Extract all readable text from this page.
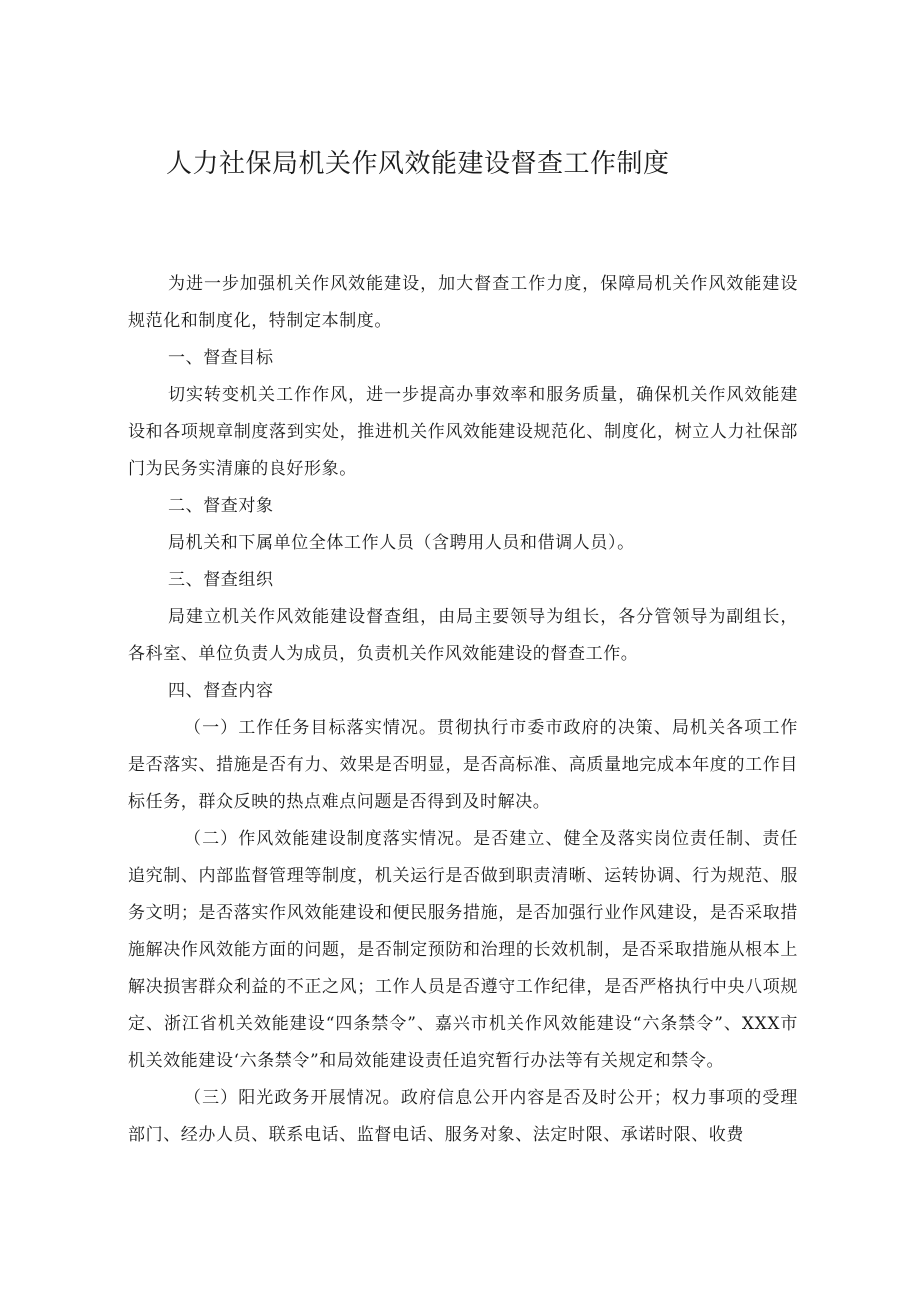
人力社保局机关作风效能建设督查工作制度

为进一步加强机关作风效能建设，加大督查工作力度，保障局机关作风效能建设规范化和制度化，特制定本制度。

一、督查目标

切实转变机关工作作风，进一步提高办事效率和服务质量，确保机关作风效能建设和各项规章制度落到实处，推进机关作风效能建设规范化、制度化，树立人力社保部门为民务实清廉的良好形象。

二、督查对象

局机关和下属单位全体工作人员（含聘用人员和借调人员）。

三、督查组织

局建立机关作风效能建设督查组，由局主要领导为组长，各分管领导为副组长，各科室、单位负责人为成员，负责机关作风效能建设的督查工作。

四、督查内容

（一）工作任务目标落实情况。贯彻执行市委市政府的决策、局机关各项工作是否落实、措施是否有力、效果是否明显，是否高标准、高质量地完成本年度的工作目标任务，群众反映的热点难点问题是否得到及时解决。

（二）作风效能建设制度落实情况。是否建立、健全及落实岗位责任制、责任追究制、内部监督管理等制度，机关运行是否做到职责清晰、运转协调、行为规范、服务文明；是否落实作风效能建设和便民服务措施，是否加强行业作风建设，是否采取措施解决作风效能方面的问题，是否制定预防和治理的长效机制，是否采取措施从根本上解决损害群众利益的不正之风；工作人员是否遵守工作纪律，是否严格执行中央八项规定、浙江省机关效能建设“四条禁令”、嘉兴市机关作风效能建设“六条禁令”、XXX市机关效能建设‘六条禁令”和局效能建设责任追究暂行办法等有关规定和禁令。

（三）阳光政务开展情况。政府信息公开内容是否及时公开；权力事项的受理部门、经办人员、联系电话、监督电话、服务对象、法定时限、承诺时限、收费
